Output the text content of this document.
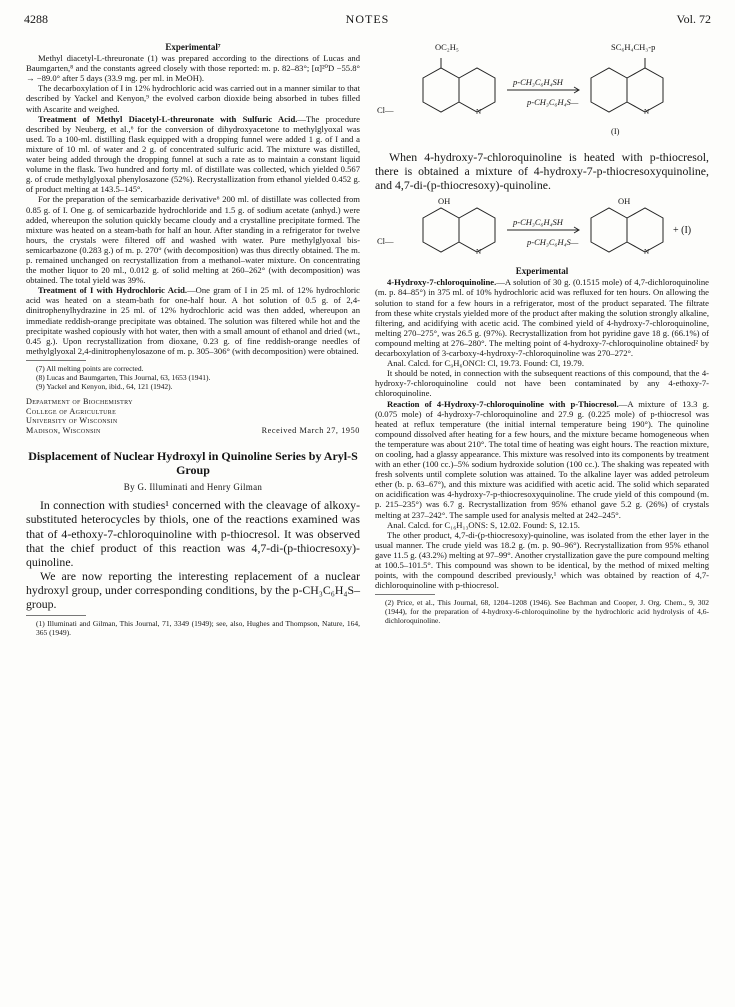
4288	NOTES	Vol. 72
Experimental⁷

Methyl diacetyl-L-threuronate (1) was prepared according to the directions of Lucas and Baumgarten,⁸ and the constants agreed closely with those reported: m. p. 82–83°; [α]²⁰D −55.8° → −89.0° after 5 days (33.9 mg. per ml. in MeOH).

The decarboxylation of I in 12% hydrochloric acid was carried out in a manner similar to that described by Yackel and Kenyon,⁹ the evolved carbon dioxide being absorbed in tubes filled with Ascarite and weighed.

Treatment of Methyl Diacetyl-L-threuronate with Sulfuric Acid.—The procedure described by Neuberg, et al.,⁶ for the conversion of dihydroxyacetone to methylglyoxal was used. To a 100-ml. distilling flask equipped with a dropping funnel were added 1 g. of I and a mixture of 10 ml. of water and 2 g. of concentrated sulfuric acid. The mixture was distilled, water being added through the dropping funnel at such a rate as to maintain a constant liquid volume in the flask. Two hundred and forty ml. of distillate was collected, which yielded 0.567 g. of crude methylglyoxal phenylosazone (52%). Recrystallization from ethanol yielded 0.452 g. of product melting at 143.5–145°.

For the preparation of the semicarbazide derivative⁶ 200 ml. of distillate was collected from 0.85 g. of I. One g. of semicarbazide hydrochloride and 1.5 g. of sodium acetate (anhyd.) were added, whereupon the solution quickly became cloudy and a crystalline precipitate formed. The mixture was heated on a steam-bath for half an hour. After standing in a refrigerator for twelve hours, the crystals were filtered off and washed with water. Pure methylglyoxal bis-semicarbazone (0.283 g.) of m. p. 270° (with decomposition) was thus directly obtained. The m. p. remained unchanged on recrystallization from a methanol–water mixture. On concentrating the mother liquor to 20 ml., 0.012 g. of solid melting at 260–262° (with decomposition) was obtained. The total yield was 39%.

Treatment of I with Hydrochloric Acid.—One gram of I in 25 ml. of 12% hydrochloric acid was heated on a steam-bath for one-half hour. A hot solution of 0.5 g. of 2,4-dinitrophenylhydrazine in 25 ml. of 12% hydrochloric acid was then added, whereupon an immediate reddish-orange precipitate was obtained. The solution was filtered while hot and the precipitate washed copiously with hot water, then with a small amount of ethanol and dried (wt., 0.45 g.). Upon recrystallization from dioxane, 0.23 g. of fine reddish-orange needles of methylglyoxal 2,4-dinitrophenylosazone of m. p. 305–306° (with decomposition) were obtained.

(7) All melting points are corrected.

(8) Lucas and Baumgarten, This Journal, 63, 1653 (1941).

(9) Yackel and Kenyon, ibid., 64, 121 (1942).

Department of Biochemistry

College of Agriculture

University of Wisconsin

Madison, Wisconsin	Received March 27, 1950

Displacement of Nuclear Hydroxyl in Quinoline Series by Aryl-S Group

By G. Illuminati and Henry Gilman

In connection with studies¹ concerned with the cleavage of alkoxy-substituted heterocycles by thiols, one of the reactions examined was that of 4-ethoxy-7-chloroquinoline with p-thiocresol. It was observed that the chief product of this reaction was 4,7-di-(p-thiocresoxy)-quinoline.

We are now reporting the interesting replacement of a nuclear hydroxyl group, under corresponding conditions, by the p-CH₃C₆H₄S– group.

(1) Illuminati and Gilman, This Journal, 71, 3349 (1949); see, also, Hughes and Thompson, Nature, 164, 365 (1949).

OC₂H₅	SC₆H₄CH₃-p
Cl—	N	N
p-CH₃C₆H₄SH
p-CH₃C₆H₄S—
(I)

When 4-hydroxy-7-chloroquinoline is heated with p-thiocresol, there is obtained a mixture of 4-hydroxy-7-p-thiocresoxyquinoline, and 4,7-di-(p-thiocresoxy)-quinoline.

OH	OH
Cl—
N	N
p-CH₃C₆H₄SH
p-CH₃C₆H₄S—
+ (I)
Experimental

4-Hydroxy-7-chloroquinoline.—A solution of 30 g. (0.1515 mole) of 4,7-dichloroquinoline (m. p. 84–85°) in 375 ml. of 10% hydrochloric acid was refluxed for ten hours. On allowing the solution to stand for a few hours in a refrigerator, most of the product separated. The filtrate from these white crystals yielded more of the product after making the solution strongly alkaline, filtering, and acidifying with acetic acid. The combined yield of 4-hydroxy-7-chloroquinoline, melting 270–275°, was 26.5 g. (97%). Recrystallization from hot pyridine gave 18 g. (66.1%) of compound melting at 276–280°. The melting point of 4-hydroxy-7-chloroquinoline obtained² by decarboxylation of 3-carboxy-4-hydroxy-7-chloroquinoline was 270–272°.

Anal. Calcd. for C₉H₆ONCl: Cl, 19.73. Found: Cl, 19.79.

It should be noted, in connection with the subsequent reactions of this compound, that the 4-hydroxy-7-chloroquinoline could not have been contaminated by any 4-ethoxy-7-chloroquinoline.

Reaction of 4-Hydroxy-7-chloroquinoline with p-Thiocresol.—A mixture of 13.3 g. (0.075 mole) of 4-hydroxy-7-chloroquinoline and 27.9 g. (0.225 mole) of p-thiocresol was heated at reflux temperature (the initial internal temperature being 190°). The quinoline compound dissolved after heating for a few hours, and the mixture became homogeneous when the temperature was about 210°. The total time of heating was eight hours. The reaction mixture, on cooling, had a glassy appearance. This mixture was resolved into its components by treatment with an ether (100 cc.)–5% sodium hydroxide solution (100 cc.). The shaking was repeated with fresh solvents until complete solution was attained. To the alkaline layer was added petroleum ether (b. p. 63–67°), and this mixture was acidified with acetic acid. The solid which separated on acidification was 4-hydroxy-7-p-thiocresoxyquinoline. The crude yield of this compound (m. p. 215–235°) was 6.7 g. Recrystallization from 95% ethanol gave 5.2 g. (26%) of crystals melting at 237–242°. The sample used for analysis melted at 242–245°.

Anal. Calcd. for C₁₆H₁₃ONS: S, 12.02. Found: S, 12.15.

The other product, 4,7-di-(p-thiocresoxy)-quinoline, was isolated from the ether layer in the usual manner. The crude yield was 18.2 g. (m. p. 90–96°). Recrystallization from 95% ethanol gave 11.5 g. (43.2%) melting at 97–99°. Another crystallization gave the pure compound melting at 100.5–101.5°. This compound was shown to be identical, by the method of mixed melting points, with the compound described previously,¹ which was obtained by reaction of 4,7-dichloroquinoline with p-thiocresol.

(2) Price, et al., This Journal, 68, 1204–1208 (1946). See Bachman and Cooper, J. Org. Chem., 9, 302 (1944), for the preparation of 4-hydroxy-6-chloroquinoline by the hydrochloric acid hydrolysis of 4,6-dichloroquinoline.
